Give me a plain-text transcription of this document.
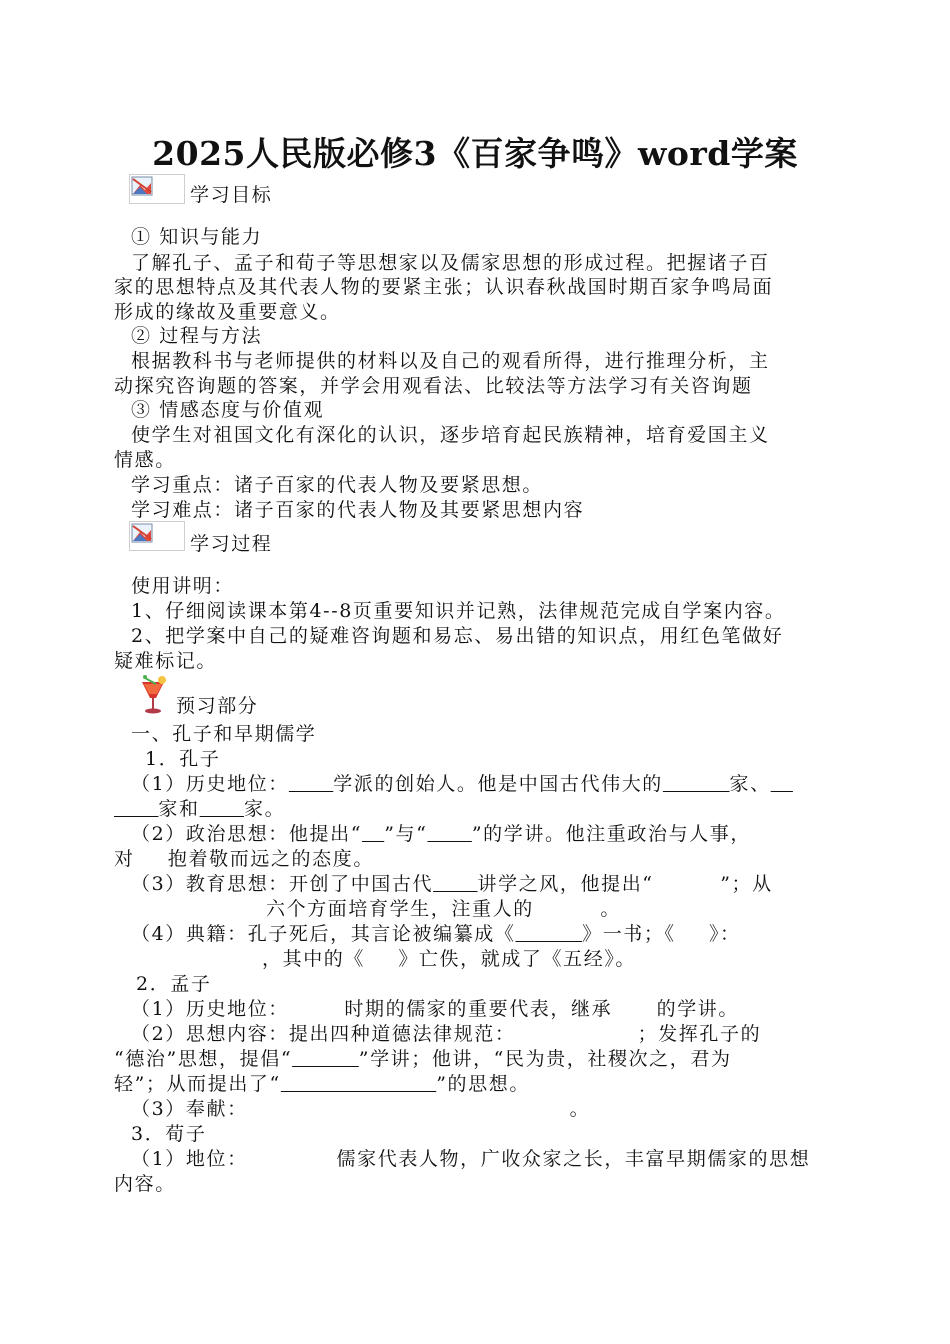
2025人民版必修3《百家争鸣》word学案
学习目标
① 知识与能力
了解孔子、孟子和荀子等思想家以及儒家思想的形成过程。把握诸子百
家的思想特点及其代表人物的要紧主张；认识春秋战国时期百家争鸣局面
形成的缘故及重要意义。
② 过程与方法
根据教科书与老师提供的材料以及自己的观看所得，进行推理分析，主
动探究咨询题的答案，并学会用观看法、比较法等方法学习有关咨询题
③ 情感态度与价值观
使学生对祖国文化有深化的认识，逐步培育起民族精神，培育爱国主义
情感。
学习重点：诸子百家的代表人物及要紧思想。
学习难点：诸子百家的代表人物及其要紧思想内容
学习过程
使用讲明：
1、仔细阅读课本第4--8页重要知识并记熟，法律规范完成自学案内容。
2、把学案中自己的疑难咨询题和易忘、易出错的知识点，用红色笔做好
疑难标记。
预习部分
一、孔子和早期儒学
1．孔子
（1）历史地位：     学派的创始人。他是中国古代伟大的      	家、  
    家和     家。
（2）政治思想：他提出“   ”与“     ”的学讲。他注重政治与人事，
对    抱着敬而远之的态度。
（3）教育思想：开创了中国古代     讲学之风，他提出“      	”；从
六个方面培育学生，注重人的      	。
（4）典籍：孔子死后，其言论被编纂成《      	》一书；《    》：
，其中的《    》亡佚，就成了《五经》。
2．孟子
（1）历史地位：     	时期的儒家的重要代表，继承     的学讲。
（2）思想内容：提出四种道德法律规范：           	；发挥孔子的
“德治”思想，提倡“      	”学讲；他讲，“民为贵，社稷次之，君为
轻”；从而提出了“              	”的思想。
（3）奉献：                             	。
3．荀子
（1）地位：        	儒家代表人物，广收众家之长，丰富早期儒家的思想
内容。
